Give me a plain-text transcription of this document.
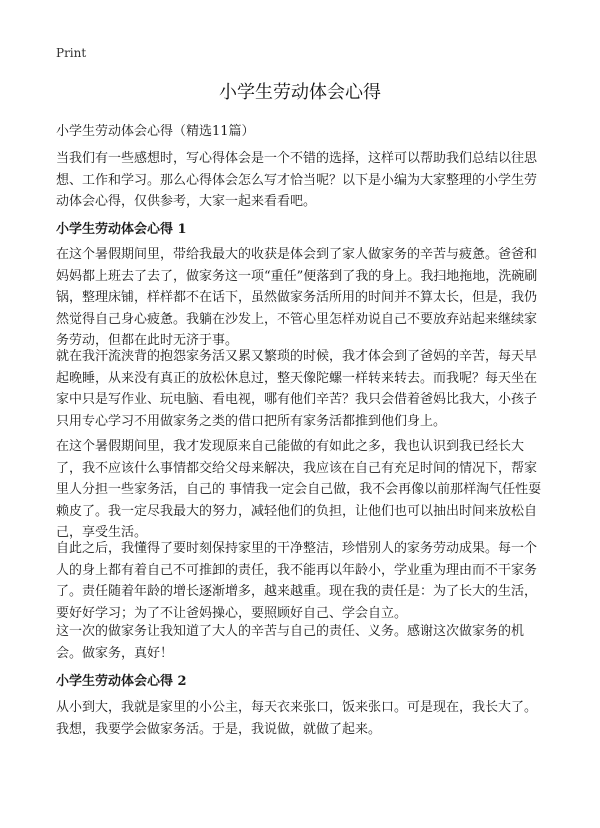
Print
小学生劳动体会心得
小学生劳动体会心得（精选11篇）

当我们有一些感想时，写心得体会是一个不错的选择，这样可以帮助我们总结以往思想、工作和学习。那么心得体会怎么写才恰当呢？以下是小编为大家整理的小学生劳动体会心得，仅供参考，大家一起来看看吧。

小学生劳动体会心得 1

在这个暑假期间里，带给我最大的收获是体会到了家人做家务的辛苦与疲惫。爸爸和妈妈都上班去了去了，做家务这一项“重任”便落到了我的身上。我扫地拖地，洗碗刷锅，整理床铺，样样都不在话下，虽然做家务活所用的时间并不算太长，但是，我仍然觉得自己身心疲惫。我躺在沙发上，不管心里怎样劝说自己不要放弃站起来继续家务劳动，但都在此时无济于事。

就在我汗流浃背的抱怨家务活又累又繁琐的时候，我才体会到了爸妈的辛苦，每天早起晚睡，从来没有真正的放松休息过，整天像陀螺一样转来转去。而我呢？每天坐在家中只是写作业、玩电脑、看电视，哪有他们辛苦？我只会借着爸妈比我大，小孩子只用专心学习不用做家务之类的借口把所有家务活都推到他们身上。

在这个暑假期间里，我才发现原来自己能做的有如此之多，我也认识到我已经长大了，我不应该什么事情都交给父母来解决，我应该在自己有充足时间的情况下，帮家里人分担一些家务活，自己的 事情我一定会自己做，我不会再像以前那样淘气任性耍赖皮了。我一定尽我最大的努力，减轻他们的负担，让他们也可以抽出时间来放松自己，享受生活。

自此之后，我懂得了要时刻保持家里的干净整洁，珍惜别人的家务劳动成果。每一个人的身上都有着自己不可推卸的责任，我不能再以年龄小，学业重为理由而不干家务了。责任随着年龄的增长逐渐增多，越来越重。现在我的责任是：为了长大的生活，要好好学习；为了不让爸妈操心，要照顾好自己、学会自立。

这一次的做家务让我知道了大人的辛苦与自己的责任、义务。感谢这次做家务的机会。做家务，真好！

小学生劳动体会心得 2

从小到大，我就是家里的小公主，每天衣来张口，饭来张口。可是现在，我长大了。我想，我要学会做家务活。于是，我说做，就做了起来。
